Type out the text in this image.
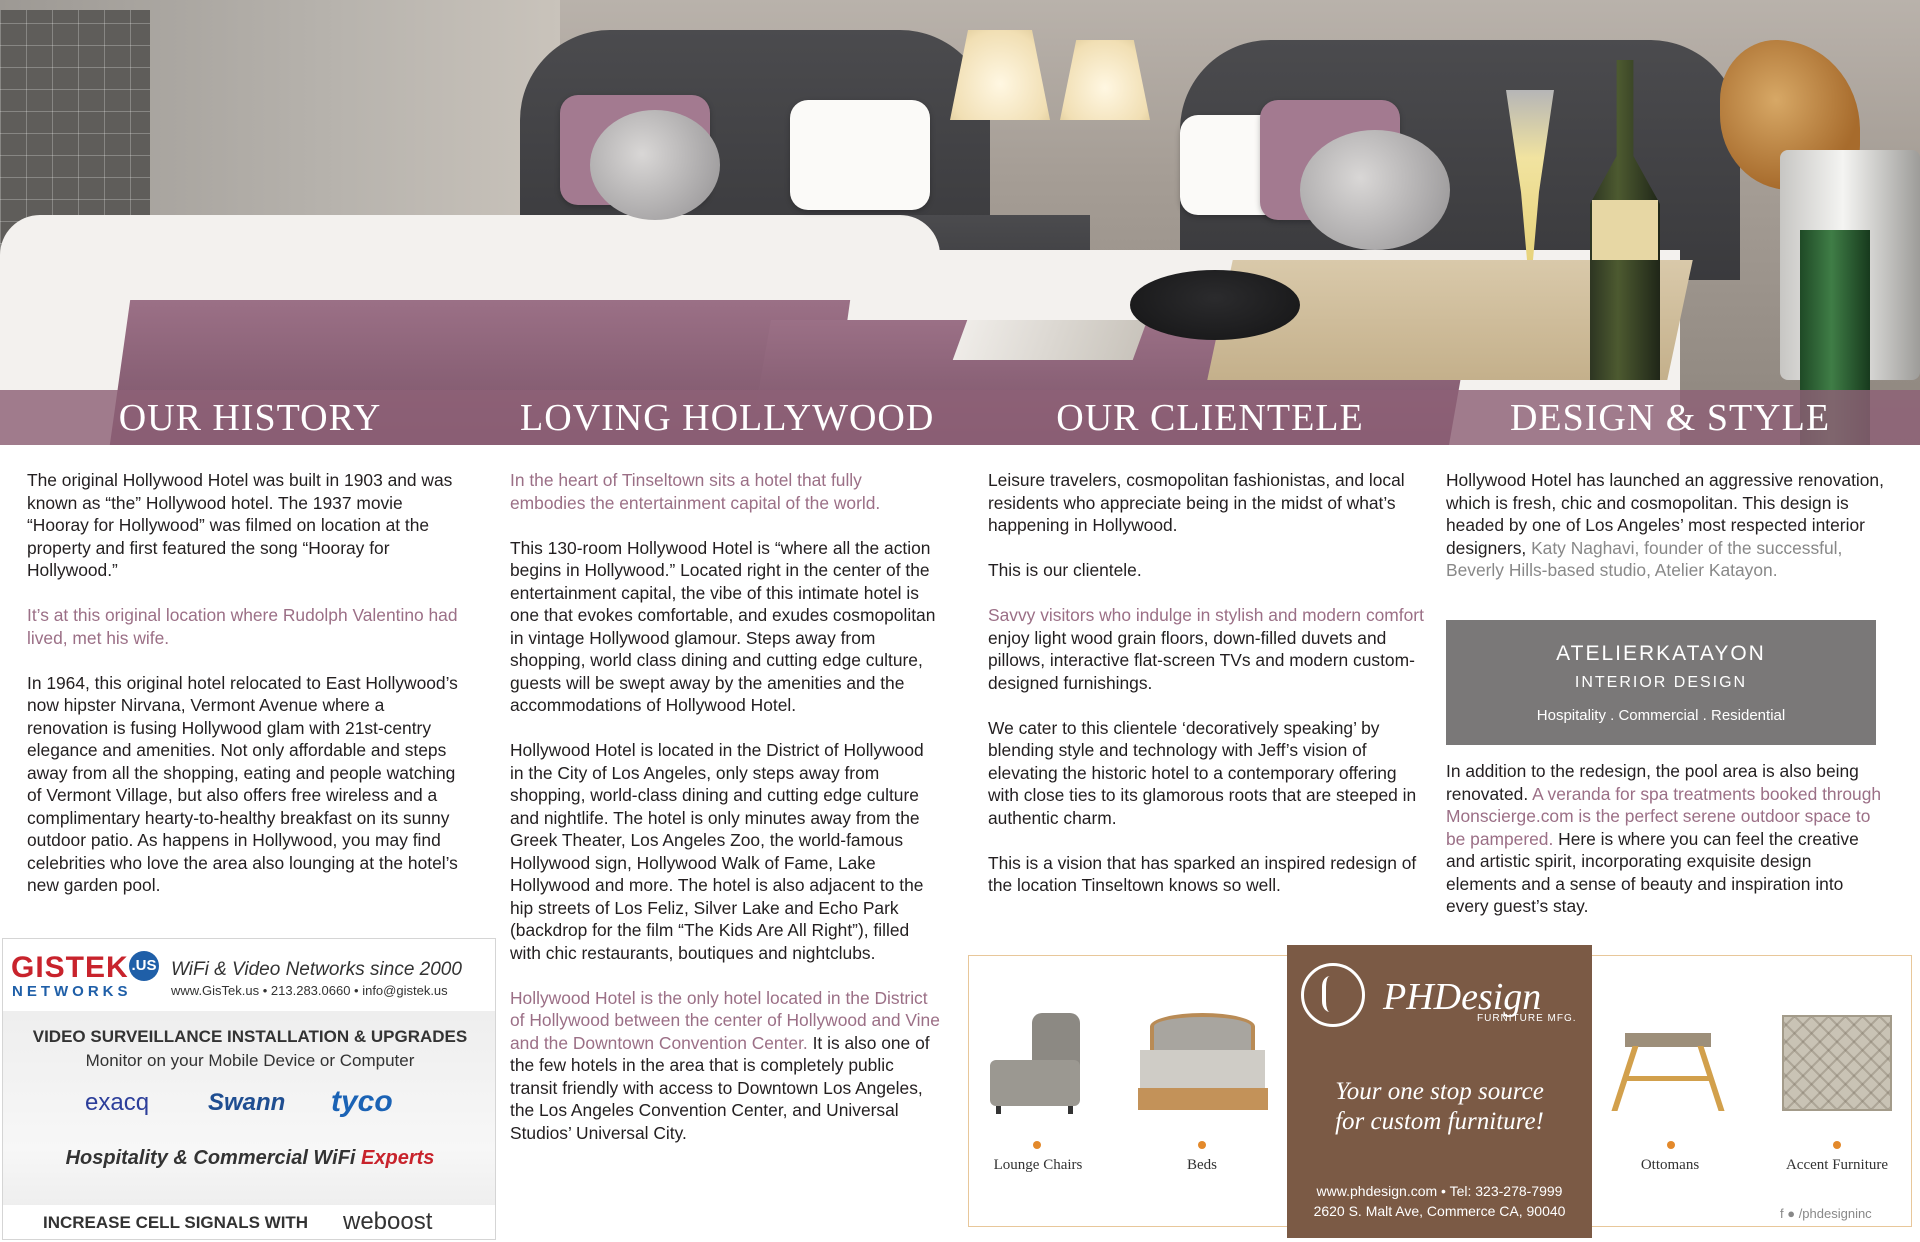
OUR HISTORY	LOVING HOLLYWOOD	OUR CLIENTELE	DESIGN & STYLE

The original Hollywood Hotel was built in 1903 and was known as “the” Hollywood hotel. The 1937 movie “Hooray for Hollywood” was filmed on location at the property and first featured the song “Hooray for Hollywood.”

It’s at this original location where Rudolph Valentino had lived, met his wife.

In 1964, this original hotel relocated to East Hollywood’s now hipster Nirvana, Vermont Avenue where a renovation is fusing Hollywood glam with 21st-centry elegance and amenities. Not only affordable and steps away from all the shopping, eating and people watching of Vermont Village, but also offers free wireless and a complimentary hearty-to-healthy breakfast on its sunny outdoor patio. As happens in Hollywood, you may find celebrities who love the area also lounging at the hotel’s new garden pool.

In the heart of Tinseltown sits a hotel that fully embodies the entertainment capital of the world.

This 130-room Hollywood Hotel is “where all the action begins in Hollywood.” Located right in the center of the entertainment capital, the vibe of this intimate hotel is one that evokes comfortable, and exudes cosmopolitan in vintage Hollywood glamour. Steps away from shopping, world class dining and cutting edge culture, guests will be swept away by the amenities and the accommodations of Hollywood Hotel.

Hollywood Hotel is located in the District of Hollywood in the City of Los Angeles, only steps away from shopping, world-class dining and cutting edge culture and nightlife. The hotel is only minutes away from the Greek Theater, Los Angeles Zoo, the world-famous Hollywood sign, Hollywood Walk of Fame, Lake Hollywood and more. The hotel is also adjacent to the hip streets of Los Feliz, Silver Lake and Echo Park (backdrop for the film “The Kids Are All Right”), filled with chic restaurants, boutiques and nightclubs.

Hollywood Hotel is the only hotel located in the District of Hollywood between the center of Hollywood and Vine and the Downtown Convention Center. It is also one of the few hotels in the area that is completely public transit friendly with access to Downtown Los Angeles, the Los Angeles Convention Center, and Universal Studios’ Universal City.

Leisure travelers, cosmopolitan fashionistas, and local residents who appreciate being in the midst of what’s happening in Hollywood.

This is our clientele.

Savvy visitors who indulge in stylish and modern comfort enjoy light wood grain floors, down-filled duvets and pillows, interactive flat-screen TVs and modern custom-designed furnishings.

We cater to this clientele ‘decoratively speaking’ by blending style and technology with Jeff’s vision of elevating the historic hotel to a contemporary offering with close ties to its glamorous roots that are steeped in authentic charm.

This is a vision that has sparked an inspired redesign of the location Tinseltown knows so well.

Hollywood Hotel has launched an aggressive renovation, which is fresh, chic and cosmopolitan. This design is headed by one of Los Angeles’ most respected interior designers, Katy Naghavi, founder of the successful, Beverly Hills-based studio, Atelier Katayon.

ATELIERKATAYON
INTERIOR DESIGN
Hospitality . Commercial . Residential

In addition to the redesign, the pool area is also being renovated. A veranda for spa treatments booked through Monscierge.com is the perfect serene outdoor space to be pampered. Here is where you can feel the creative and artistic spirit, incorporating exquisite design elements and a sense of beauty and inspiration into every guest’s stay.

GISTEK .US
NETWORKS
WiFi & Video Networks since 2000
www.GisTek.us • 213.283.0660 • info@gistek.us
VIDEO SURVEILLANCE INSTALLATION & UPGRADES
Monitor on your Mobile Device or Computer
exacq Swann tyco
Hospitality & Commercial WiFi Experts
INCREASE CELL SIGNALS WITH weboost
Lounge Chairs	Beds
PHDesign
FURNITURE MFG.
Your one stop source
for custom furniture!
www.phdesign.com • Tel: 323-278-7999
2620 S. Malt Ave, Commerce CA, 90040
Ottomans	Accent Furniture
f ● /phdesigninc
